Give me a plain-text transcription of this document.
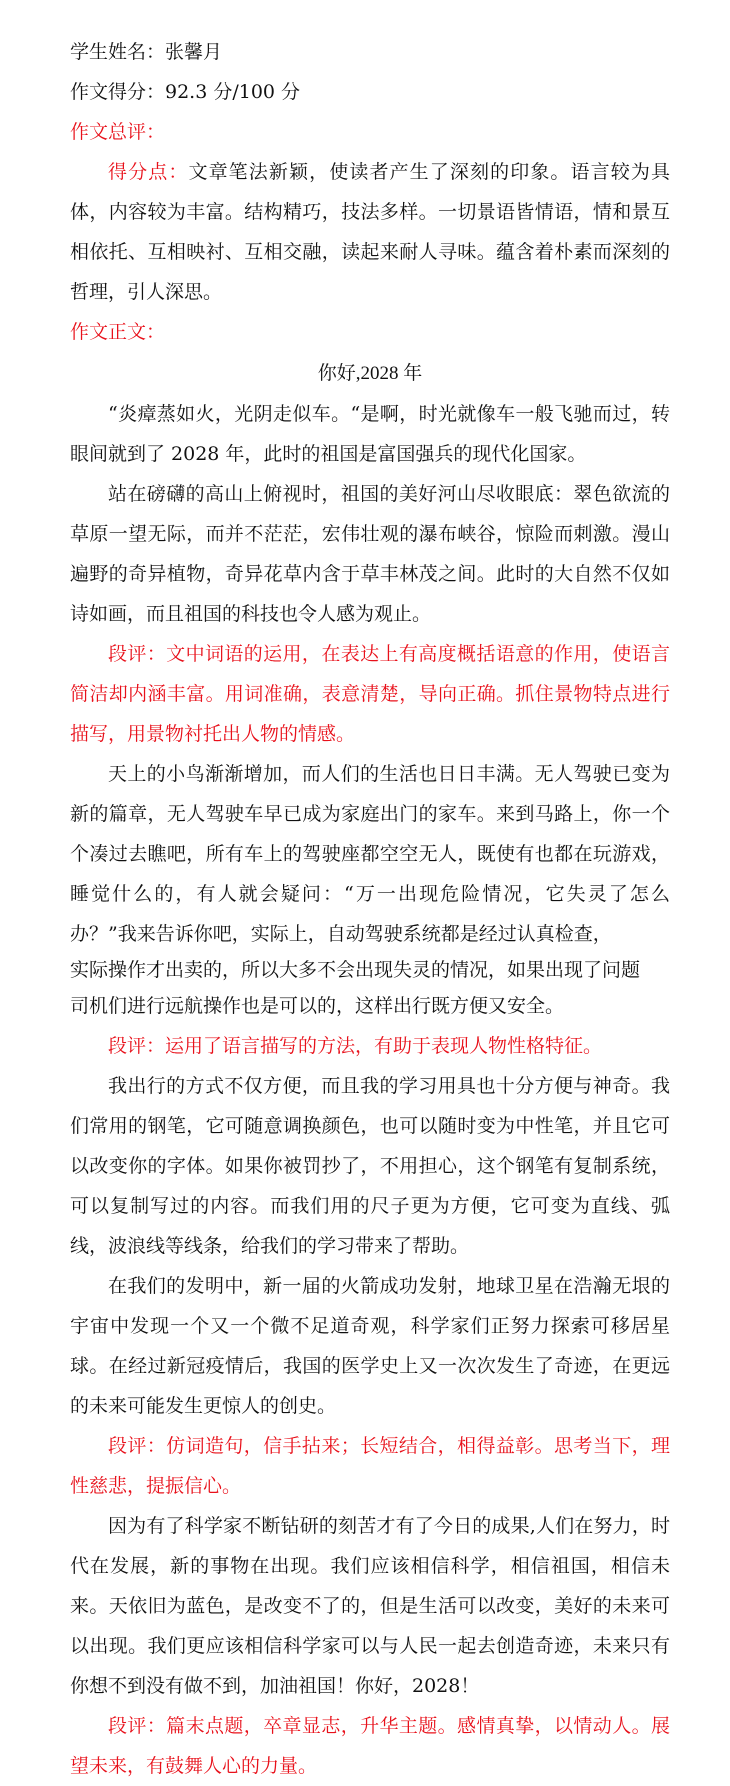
学生姓名：张馨月
作文得分：92.3 分/100 分
作文总评：

得分点：文章笔法新颖，使读者产生了深刻的印象。语言较为具体，内容较为丰富。结构精巧，技法多样。一切景语皆情语，情和景互相依托、互相映衬、互相交融，读起来耐人寻味。蕴含着朴素而深刻的哲理，引人深思。

作文正文：
你好,2028 年

“炎瘴蒸如火，光阴走似车。“是啊，时光就像车一般飞驰而过，转眼间就到了 2028 年，此时的祖国是富国强兵的现代化国家。

站在磅礴的高山上俯视时，祖国的美好河山尽收眼底：翠色欲流的草原一望无际，而并不茫茫，宏伟壮观的瀑布峡谷，惊险而刺激。漫山遍野的奇异植物，奇异花草内含于草丰林茂之间。此时的大自然不仅如诗如画，而且祖国的科技也令人感为观止。

段评：文中词语的运用，在表达上有高度概括语意的作用，使语言简洁却内涵丰富。用词准确，表意清楚，导向正确。抓住景物特点进行描写，用景物衬托出人物的情感。

天上的小鸟渐渐增加，而人们的生活也日日丰满。无人驾驶已变为新的篇章，无人驾驶车早已成为家庭出门的家车。来到马路上，你一个个凑过去瞧吧，所有车上的驾驶座都空空无人，既使有也都在玩游戏，睡觉什么的，有人就会疑问：“万一出现危险情况，它失灵了怎么办？”我来告诉你吧，实际上，自动驾驶系统都是经过认真检查，

实际操作才出卖的，所以大多不会出现失灵的情况，如果出现了问题
司机们进行远航操作也是可以的，这样出行既方便又安全。

段评：运用了语言描写的方法，有助于表现人物性格特征。

我出行的方式不仅方便，而且我的学习用具也十分方便与神奇。我们常用的钢笔，它可随意调换颜色，也可以随时变为中性笔，并且它可以改变你的字体。如果你被罚抄了，不用担心，这个钢笔有复制系统，可以复制写过的内容。而我们用的尺子更为方便，它可变为直线、弧线，波浪线等线条，给我们的学习带来了帮助。

在我们的发明中，新一届的火箭成功发射，地球卫星在浩瀚无垠的宇宙中发现一个又一个微不足道奇观，科学家们正努力探索可移居星球。在经过新冠疫情后，我国的医学史上又一次次发生了奇迹，在更远的未来可能发生更惊人的创史。

段评：仿词造句，信手拈来；长短结合，相得益彰。思考当下，理性慈悲，提振信心。

因为有了科学家不断钻研的刻苦才有了今日的成果,人们在努力，时代在发展，新的事物在出现。我们应该相信科学，相信祖国，相信未来。天依旧为蓝色，是改变不了的，但是生活可以改变，美好的未来可以出现。我们更应该相信科学家可以与人民一起去创造奇迹，未来只有你想不到没有做不到，加油祖国！你好，2028！

段评：篇末点题，卒章显志，升华主题。感情真挚，以情动人。展望未来，有鼓舞人心的力量。
